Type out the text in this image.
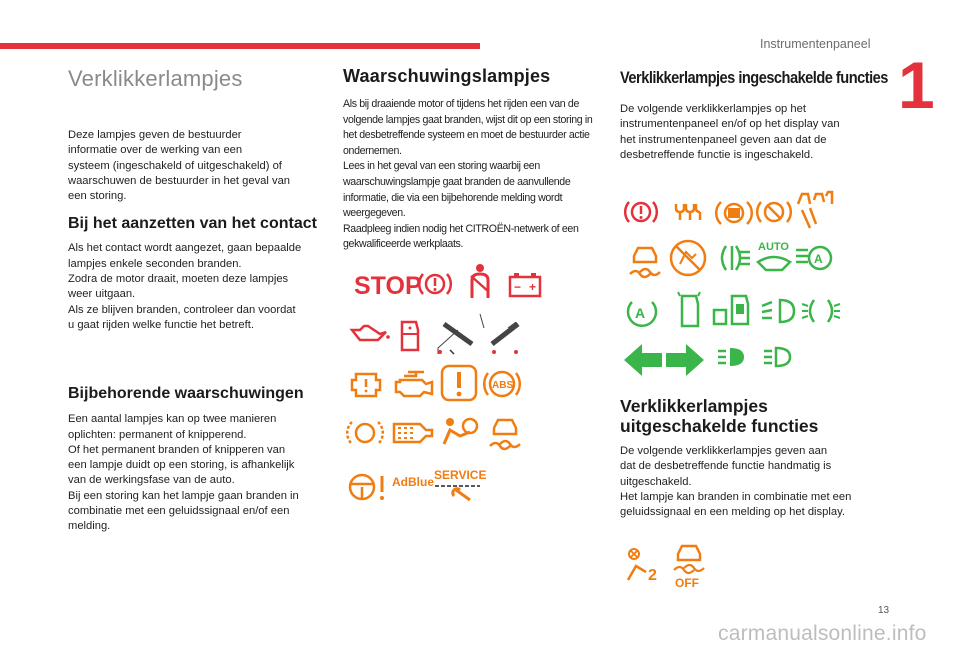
Instrumentenpaneel
1
Verklikkerlampjes

Deze lampjes geven de bestuurder
informatie over de werking van een
systeem (ingeschakeld of uitgeschakeld) of
waarschuwen de bestuurder in het geval van
een storing.

Bij het aanzetten van het contact

Als het contact wordt aangezet, gaan bepaalde
lampjes enkele seconden branden.
Zodra de motor draait, moeten deze lampjes
weer uitgaan.
Als ze blijven branden, controleer dan voordat
u gaat rijden welke functie het betreft.

Bijbehorende waarschuwingen

Een aantal lampjes kan op twee manieren
oplichten: permanent of knipperend.
Of het permanent branden of knipperen van
een lampje duidt op een storing, is afhankelijk
van de werkingsfase van de auto.
Bij een storing kan het lampje gaan branden in
combinatie met een geluidssignaal en/of een
melding.

Waarschuwingslampjes

Als bij draaiende motor of tijdens het rijden een van de
volgende lampjes gaat branden, wijst dit op een storing in
het desbetreffende systeem en moet de bestuurder actie
ondernemen.
Lees in het geval van een storing waarbij een
waarschuwingslampje gaat branden de aanvullende
informatie, die via een bijbehorende melding wordt
weergegeven.
Raadpleeg indien nodig het CITROËN-netwerk of een
gekwalificeerde werkplaats.

Verklikkerlampjes ingeschakelde functies

De volgende verklikkerlampjes op het
instrumentenpaneel en/of op het display van
het instrumentenpaneel geven aan dat de
desbetreffende functie is ingeschakeld.

Verklikkerlampjes
uitgeschakelde functies

De volgende verklikkerlampjes geven aan
dat de desbetreffende functie handmatig is
uitgeschakeld.
Het lampje kan branden in combinatie met een
geluidssignaal en een melding op het display.

STOP	− +
ABS
AdBlue SERVICE
AUTO
A
A
2 OFF
13
carmanualsonline.info
